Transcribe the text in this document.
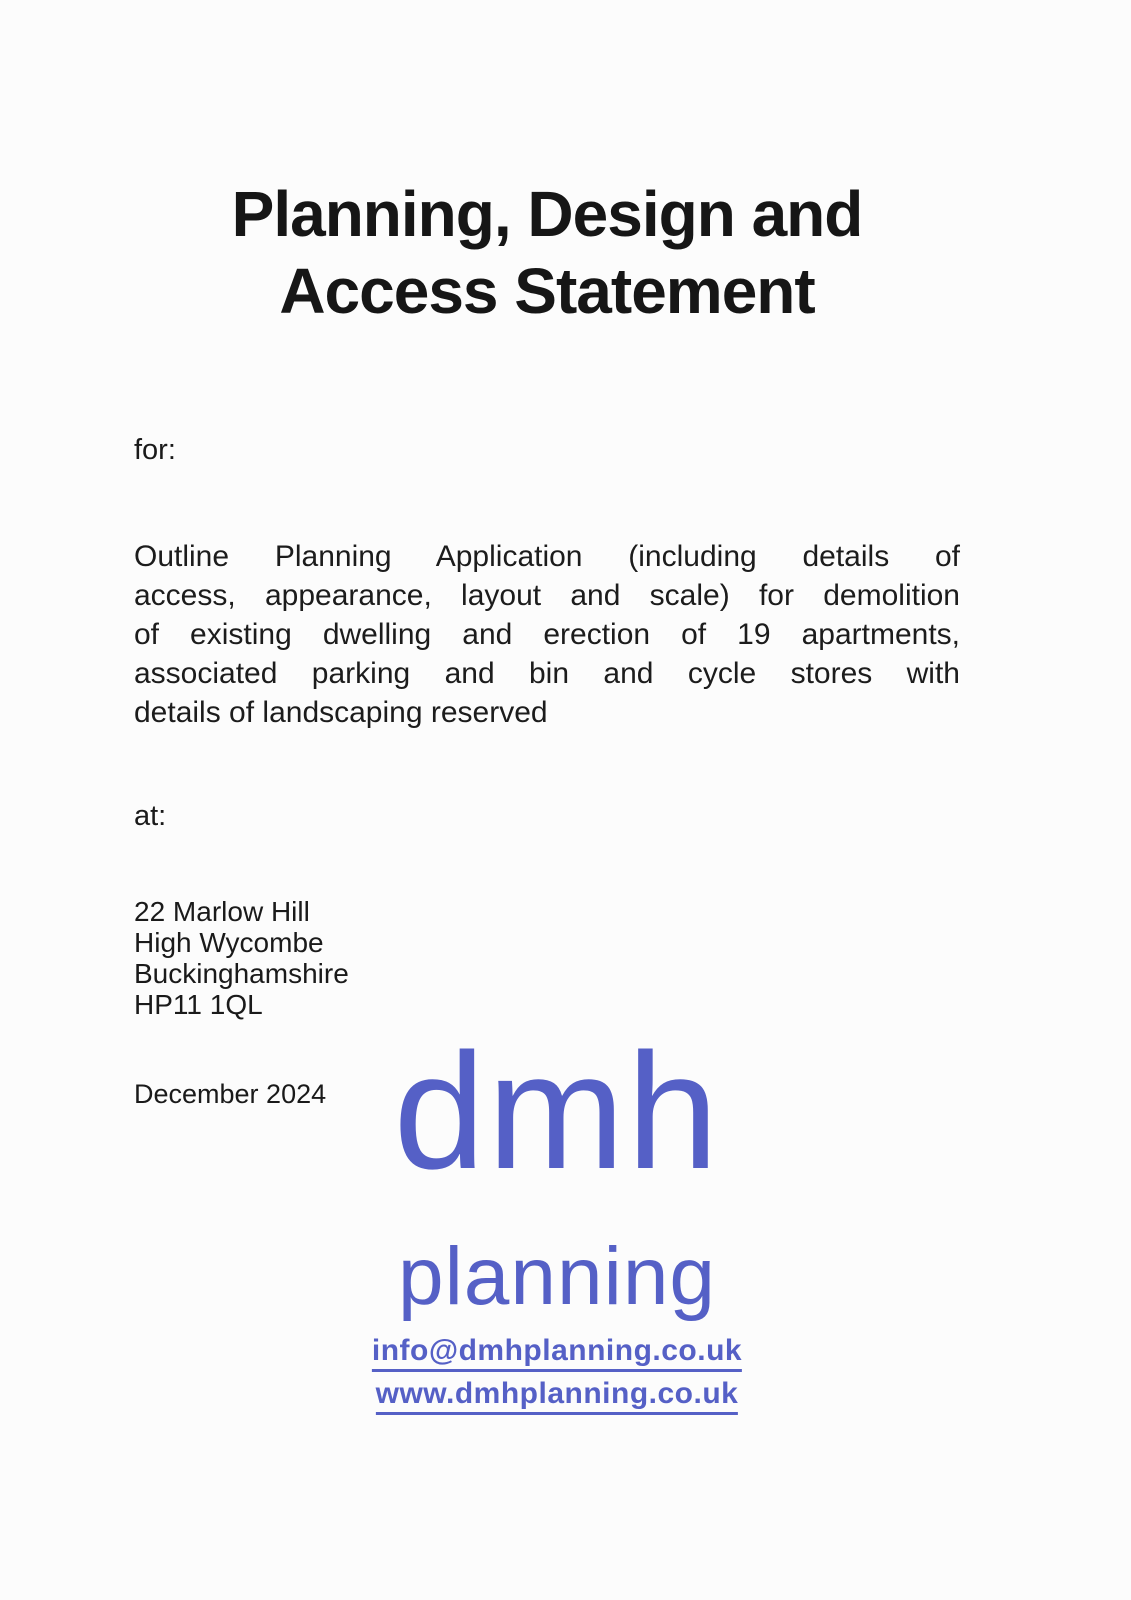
Planning, Design and
Access Statement
for:
Outline Planning Application (including details of
access, appearance, layout and scale) for demolition
of existing dwelling and erection of 19 apartments,
associated parking and bin and cycle stores with
details of landscaping reserved
at:
22 Marlow Hill
High Wycombe
Buckinghamshire
HP11 1QL
December 2024 dmh
planning
info@dmhplanning.co.uk
www.dmhplanning.co.uk
